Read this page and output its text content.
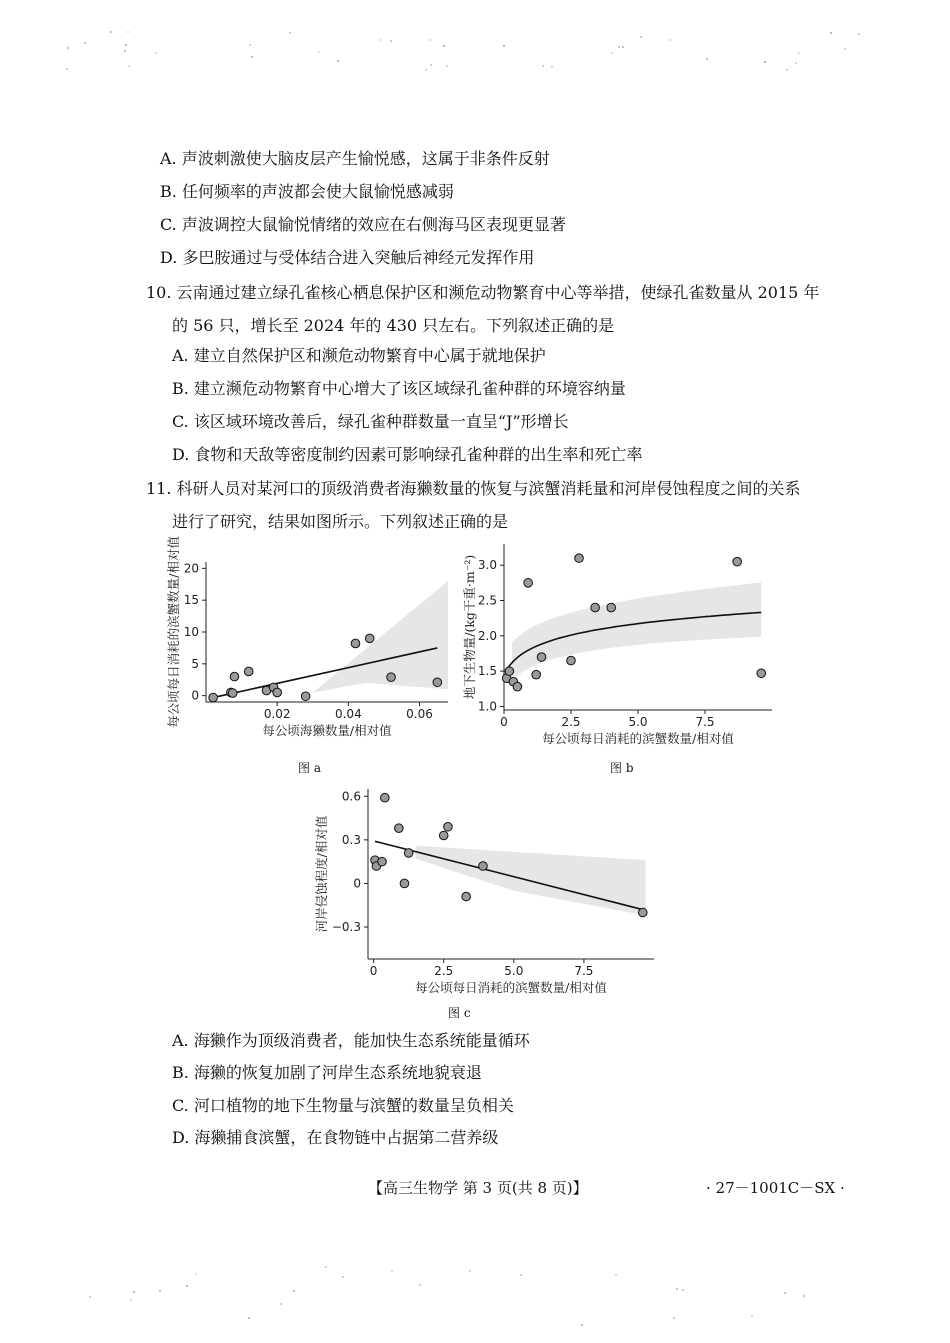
A. 声波刺激使大脑皮层产生愉悦感，这属于非条件反射
B. 任何频率的声波都会使大鼠愉悦感减弱
C. 声波调控大鼠愉悦情绪的效应在右侧海马区表现更显著
D. 多巴胺通过与受体结合进入突触后神经元发挥作用
10. 云南通过建立绿孔雀核心栖息保护区和濒危动物繁育中心等举措，使绿孔雀数量从 2015 年
的 56 只，增长至 2024 年的 430 只左右。下列叙述正确的是
A. 建立自然保护区和濒危动物繁育中心属于就地保护
B. 建立濒危动物繁育中心增大了该区域绿孔雀种群的环境容纳量
C. 该区域环境改善后，绿孔雀种群数量一直呈“J”形增长
D. 食物和天敌等密度制约因素可影响绿孔雀种群的出生率和死亡率
11. 科研人员对某河口的顶级消费者海獭数量的恢复与滨蟹消耗量和河岸侵蚀程度之间的关系
进行了研究，结果如图所示。下列叙述正确的是
0.02	0.04	0.06
0
5
10
15
20
每公顷海獭数量/相对值
每公顷每日消耗的滨蟹数量/相对值
图 a
0	2.5	5.0	7.5
1.0
1.5
2.0
2.5
3.0
每公顷每日消耗的滨蟹数量/相对值
地下生物量/(kg干重·m⁻²)
图 b
0	2.5	5.0	7.5
0.6
0.3
0
−0.3
每公顷每日消耗的滨蟹数量/相对值
河岸侵蚀程度/相对值
图 c
A. 海獭作为顶级消费者，能加快生态系统能量循环
B. 海獭的恢复加剧了河岸生态系统地貌衰退
C. 河口植物的地下生物量与滨蟹的数量呈负相关
D. 海獭捕食滨蟹，在食物链中占据第二营养级
【高三生物学 第 3 页(共 8 页)】	· 27－1001C－SX ·
